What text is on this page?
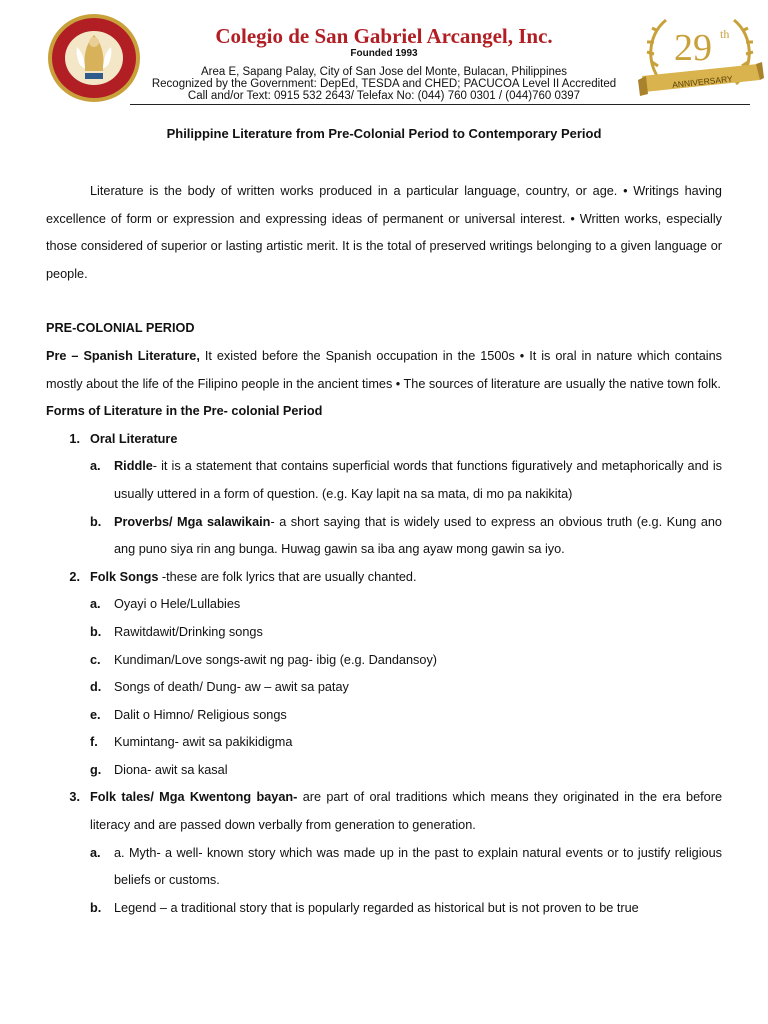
Colegio de San Gabriel Arcangel, Inc.
Founded 1993
Area E, Sapang Palay, City of San Jose del Monte, Bulacan, Philippines
Recognized by the Government: DepEd, TESDA and CHED; PACUCOA Level II Accredited
Call and/or Text: 0915 532 2643/ Telefax No: (044) 760 0301 / (044)760 0397
29 th
ANNIVERSARY
Philippine Literature from Pre-Colonial Period to Contemporary Period

Literature is the body of written works produced in a particular language, country, or age. • Writings having excellence of form or expression and expressing ideas of permanent or universal interest. • Written works, especially those considered of superior or lasting artistic merit. It is the total of preserved writings belonging to a given language or people.

PRE-COLONIAL PERIOD

Pre – Spanish Literature, It existed before the Spanish occupation in the 1500s • It is oral in nature which contains mostly about the life of the Filipino people in the ancient times • The sources of literature are usually the native town folk.

Forms of Literature in the Pre- colonial Period

1. Oral Literature
a.	Riddle- it is a statement that contains superficial words that functions figuratively and metaphorically and is usually uttered in a form of question. (e.g. Kay lapit na sa mata, di mo pa nakikita)
b.	Proverbs/ Mga salawikain- a short saying that is widely used to express an obvious truth (e.g. Kung ano ang puno siya rin ang bunga. Huwag gawin sa iba ang ayaw mong gawin sa iyo.
2. Folk Songs -these are folk lyrics that are usually chanted.
a.	Oyayi o Hele/Lullabies
b.	Rawitdawit/Drinking songs
c.	Kundiman/Love songs-awit ng pag- ibig (e.g. Dandansoy)
d.	Songs of death/ Dung- aw – awit sa patay
e.	Dalit o Himno/ Religious songs
f.	Kumintang- awit sa pakikidigma
g.	Diona- awit sa kasal
3. Folk tales/ Mga Kwentong bayan- are part of oral traditions which means they originated in the era before literacy and are passed down verbally from generation to generation.
a.	a. Myth- a well- known story which was made up in the past to explain natural events or to justify religious beliefs or customs.
b.	Legend – a traditional story that is popularly regarded as historical but is not proven to be true
